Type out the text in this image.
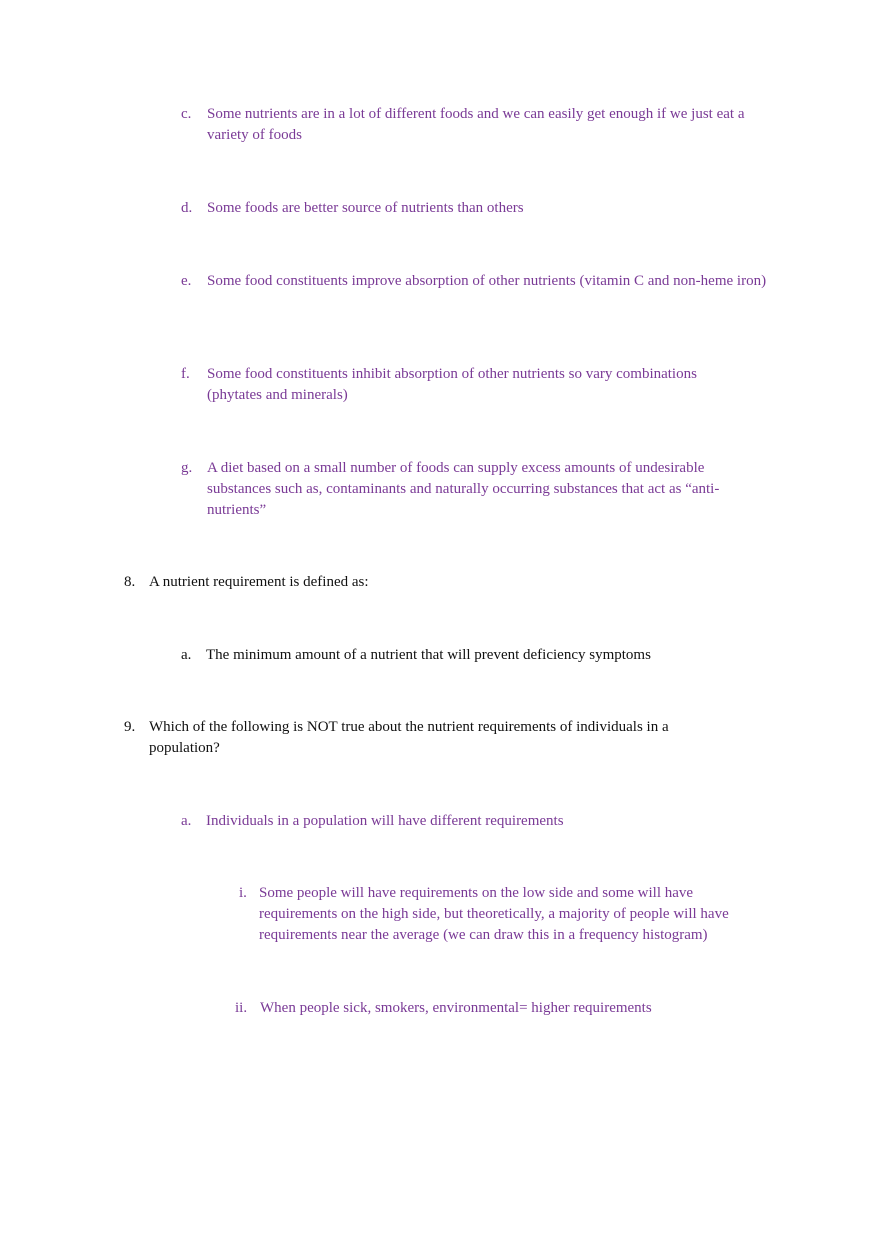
c. Some nutrients are in a lot of different foods and we can easily get enough if we just eat a variety of foods
d. Some foods are better source of nutrients than others
e. Some food constituents improve absorption of other nutrients (vitamin C and non-heme iron)
f. Some food constituents inhibit absorption of other nutrients so vary combinations (phytates and minerals)
g. A diet based on a small number of foods can supply excess amounts of undesirable substances such as, contaminants and naturally occurring substances that act as “anti-nutrients”
8. A nutrient requirement is defined as:
a. The minimum amount of a nutrient that will prevent deficiency symptoms
9. Which of the following is NOT true about the nutrient requirements of individuals in a population?
a. Individuals in a population will have different requirements
i. Some people will have requirements on the low side and some will have requirements on the high side, but theoretically, a majority of people will have requirements near the average (we can draw this in a frequency histogram)
ii. When people sick, smokers, environmental= higher requirements
